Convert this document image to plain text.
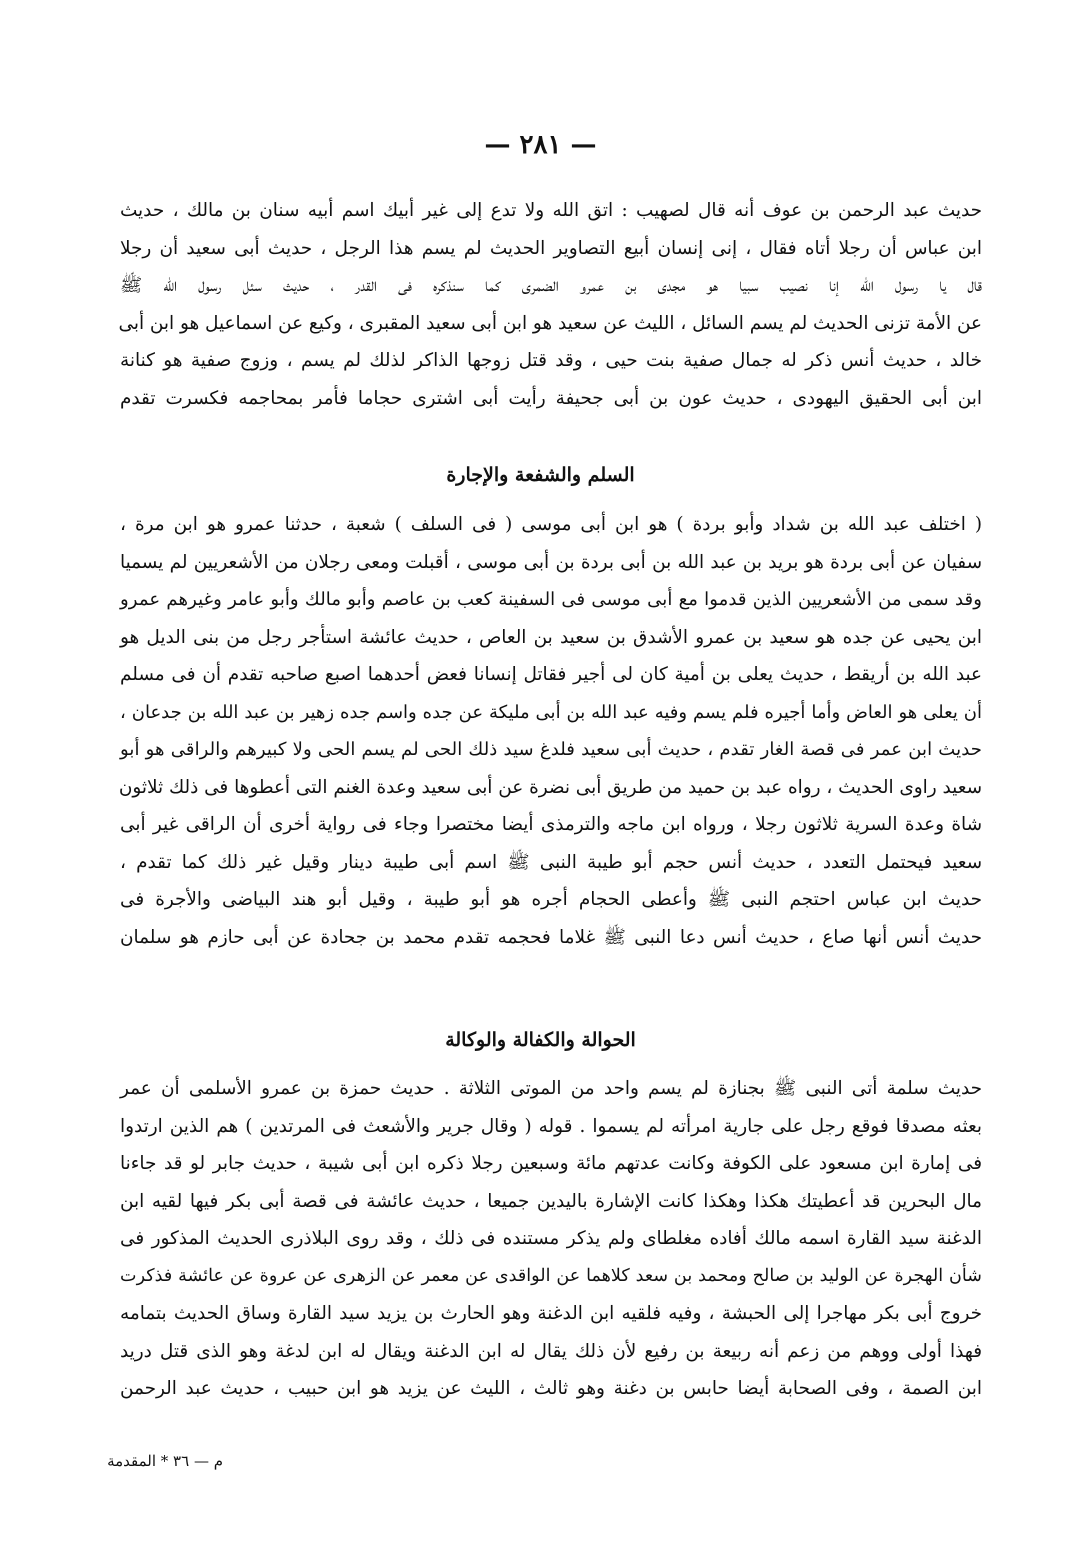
— ٢٨١ —

حديث عبد الرحمن بن عوف أنه قال لصهيب : اتق الله ولا تدع إلى غير أبيك اسم أبيه سنان بن مالك ، حديث

ابن عباس أن رجلا أتاه فقال ، إنى إنسان أبيع التصاوير الحديث لم يسم هذا الرجل ، حديث أبى سعيد أن رجلا

قال يا رسول الله إنا نصيب سبيا هو مجدى بن عمرو الضمرى كما سنذكره فى القدر ، حديث سئل رسول الله ﷺ

عن الأمة تزنى الحديث لم يسم السائل ، الليث عن سعيد هو ابن أبى سعيد المقبرى ، وكيع عن اسماعيل هو ابن أبى

خالد ، حديث أنس ذكر له جمال صفية بنت حيى ، وقد قتل زوجها الذاكر لذلك لم يسم ، وزوج صفية هو كنانة

ابن أبى الحقيق اليهودى ، حديث عون بن أبى جحيفة رأيت أبى اشترى حجاما فأمر بمحاجمه فكسرت تقدم

السلم والشفعة والإجارة

( اختلف عبد الله بن شداد وأبو بردة ) هو ابن أبى موسى ( فى السلف ) شعبة ، حدثنا عمرو هو ابن مرة ،

سفيان عن أبى بردة هو بريد بن عبد الله بن أبى بردة بن أبى موسى ، أقبلت ومعى رجلان من الأشعريين لم يسميا

وقد سمى من الأشعريين الذين قدموا مع أبى موسى فى السفينة كعب بن عاصم وأبو مالك وأبو عامر وغيرهم عمرو

ابن يحيى عن جده هو سعيد بن عمرو الأشدق بن سعيد بن العاص ، حديث عائشة استأجر رجل من بنى الديل هو

عبد الله بن أريقط ، حديث يعلى بن أمية كان لى أجير فقاتل إنسانا فعض أحدهما اصبع صاحبه تقدم أن فى مسلم

أن يعلى هو العاض وأما أجيره فلم يسم وفيه عبد الله بن أبى مليكة عن جده واسم جده زهير بن عبد الله بن جدعان ،

حديث ابن عمر فى قصة الغار تقدم ، حديث أبى سعيد فلدغ سيد ذلك الحى لم يسم الحى ولا كبيرهم والراقى هو أبو

سعيد راوى الحديث ، رواه عبد بن حميد من طريق أبى نضرة عن أبى سعيد وعدة الغنم التى أعطوها فى ذلك ثلاثون

شاة وعدة السرية ثلاثون رجلا ، ورواه ابن ماجه والترمذى أيضا مختصرا وجاء فى رواية أخرى أن الراقى غير أبى

سعيد فيحتمل التعدد ، حديث أنس حجم أبو طيبة النبى ﷺ اسم أبى طيبة دينار وقيل غير ذلك كما تقدم ،

حديث ابن عباس احتجم النبى ﷺ وأعطى الحجام أجره هو أبو طيبة ، وقيل أبو هند البياضى والأجرة فى

حديث أنس أنها صاع ، حديث أنس دعا النبى ﷺ غلاما فحجمه تقدم محمد بن جحادة عن أبى حازم هو سلمان

الحوالة والكفالة والوكالة

حديث سلمة أتى النبى ﷺ بجنازة لم يسم واحد من الموتى الثلاثة . حديث حمزة بن عمرو الأسلمى أن عمر

بعثه مصدقا فوقع رجل على جارية امرأته لم يسموا . قوله ( وقال جرير والأشعث فى المرتدين ) هم الذين ارتدوا

فى إمارة ابن مسعود على الكوفة وكانت عدتهم مائة وسبعين رجلا ذكره ابن أبى شيبة ، حديث جابر لو قد جاءنا

مال البحرين قد أعطيتك هكذا وهكذا كانت الإشارة باليدين جميعا ، حديث عائشة فى قصة أبى بكر فيها لقيه ابن

الدغنة سيد القارة اسمه مالك أفاده مغلطاى ولم يذكر مستنده فى ذلك ، وقد روى البلاذرى الحديث المذكور فى

شأن الهجرة عن الوليد بن صالح ومحمد بن سعد كلاهما عن الواقدى عن معمر عن الزهرى عن عروة عن عائشة فذكرت

خروج أبى بكر مهاجرا إلى الحبشة ، وفيه فلقيه ابن الدغنة وهو الحارث بن يزيد سيد القارة وساق الحديث بتمامه

فهذا أولى ووهم من زعم أنه ربيعة بن رفيع لأن ذلك يقال له ابن الدغنة ويقال له ابن لدغة وهو الذى قتل دريد

ابن الصمة ، وفى الصحابة أيضا حابس بن دغنة وهو ثالث ، الليث عن يزيد هو ابن حبيب ، حديث عبد الرحمن

م — ٣٦ * المقدمة
